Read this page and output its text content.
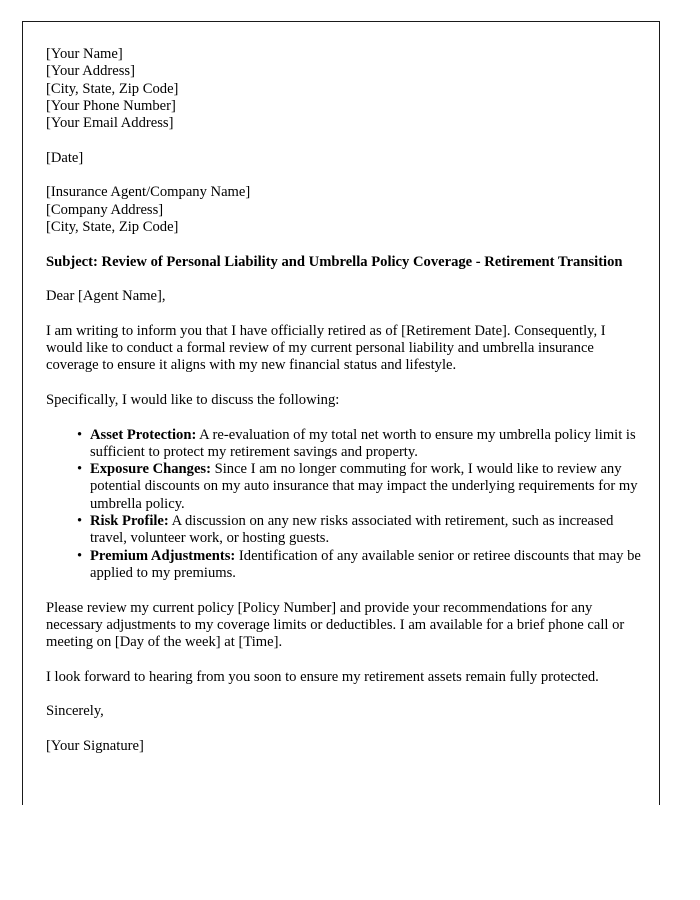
[Your Name]
[Your Address]
[City, State, Zip Code]
[Your Phone Number]
[Your Email Address]
[Date]
[Insurance Agent/Company Name]
[Company Address]
[City, State, Zip Code]

Subject: Review of Personal Liability and Umbrella Policy Coverage - Retirement Transition

Dear [Agent Name],

I am writing to inform you that I have officially retired as of [Retirement Date]. Consequently, I would like to conduct a formal review of my current personal liability and umbrella insurance coverage to ensure it aligns with my new financial status and lifestyle.

Specifically, I would like to discuss the following:

• Asset Protection: A re-evaluation of my total net worth to ensure my umbrella policy limit is sufficient to protect my retirement savings and property.
• Exposure Changes: Since I am no longer commuting for work, I would like to review any potential discounts on my auto insurance that may impact the underlying requirements for my umbrella policy.
• Risk Profile: A discussion on any new risks associated with retirement, such as increased travel, volunteer work, or hosting guests.
• Premium Adjustments: Identification of any available senior or retiree discounts that may be applied to my premiums.

Please review my current policy [Policy Number] and provide your recommendations for any necessary adjustments to my coverage limits or deductibles. I am available for a brief phone call or meeting on [Day of the week] at [Time].

I look forward to hearing from you soon to ensure my retirement assets remain fully protected.

Sincerely,

[Your Signature]
